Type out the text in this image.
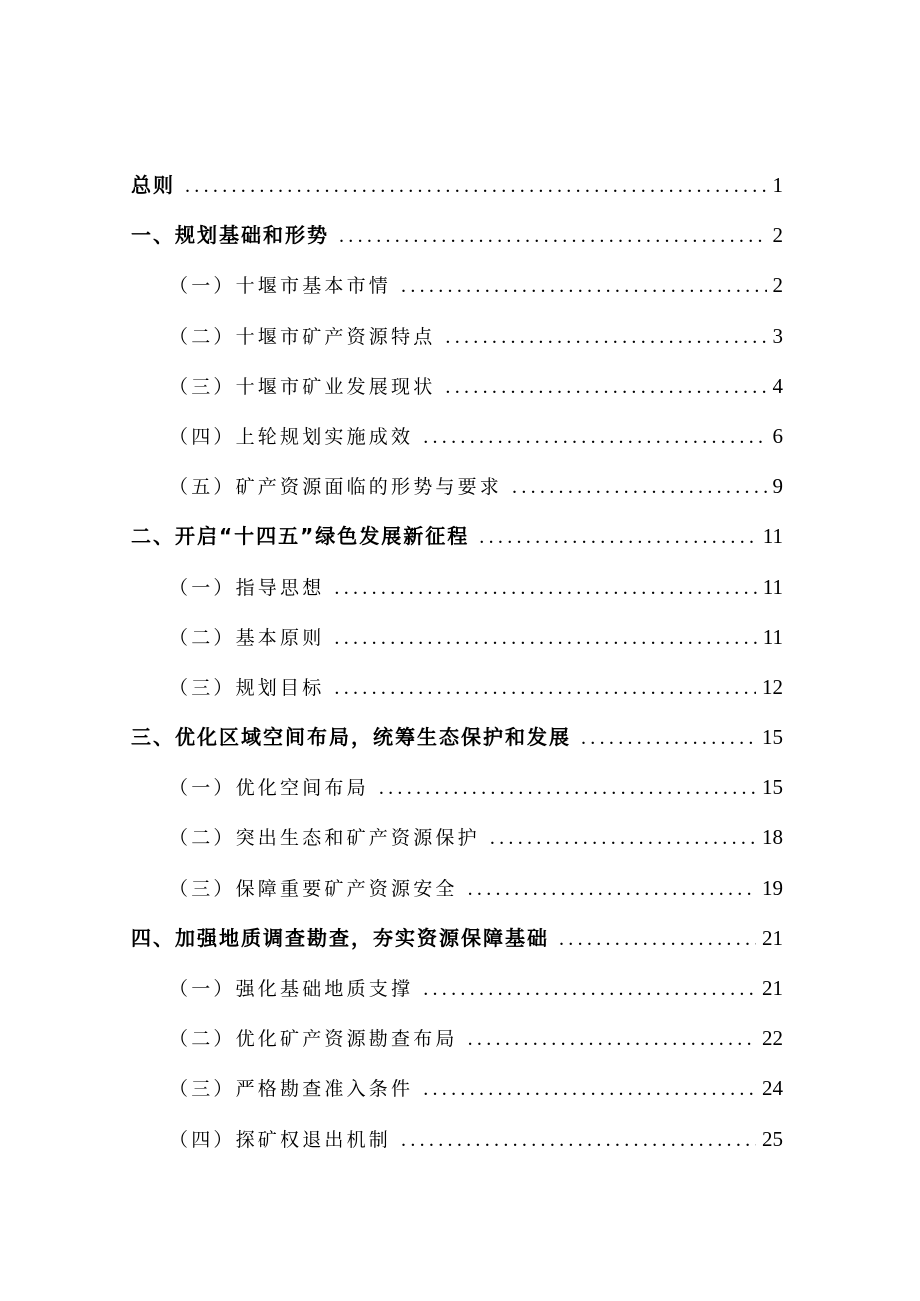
总则 .....	1
一、规划基础和形势 .....	2
（一）十堰市基本市情 .....	2
（二）十堰市矿产资源特点 .....	3
（三）十堰市矿业发展现状 .....	4
（四）上轮规划实施成效 .....	6
（五）矿产资源面临的形势与要求 .....	9
二、开启“十四五”绿色发展新征程 .....	11
（一）指导思想 .....	11
（二）基本原则 .....	11
（三）规划目标 .....	12
三、优化区域空间布局，统筹生态保护和发展 .....	15
（一）优化空间布局 .....	15
（二）突出生态和矿产资源保护 .....	18
（三）保障重要矿产资源安全 .....	19
四、加强地质调查勘查，夯实资源保障基础 .....	21
（一）强化基础地质支撑 .....	21
（二）优化矿产资源勘查布局 .....	22
（三）严格勘查准入条件 .....	24
（四）探矿权退出机制 .....	25
